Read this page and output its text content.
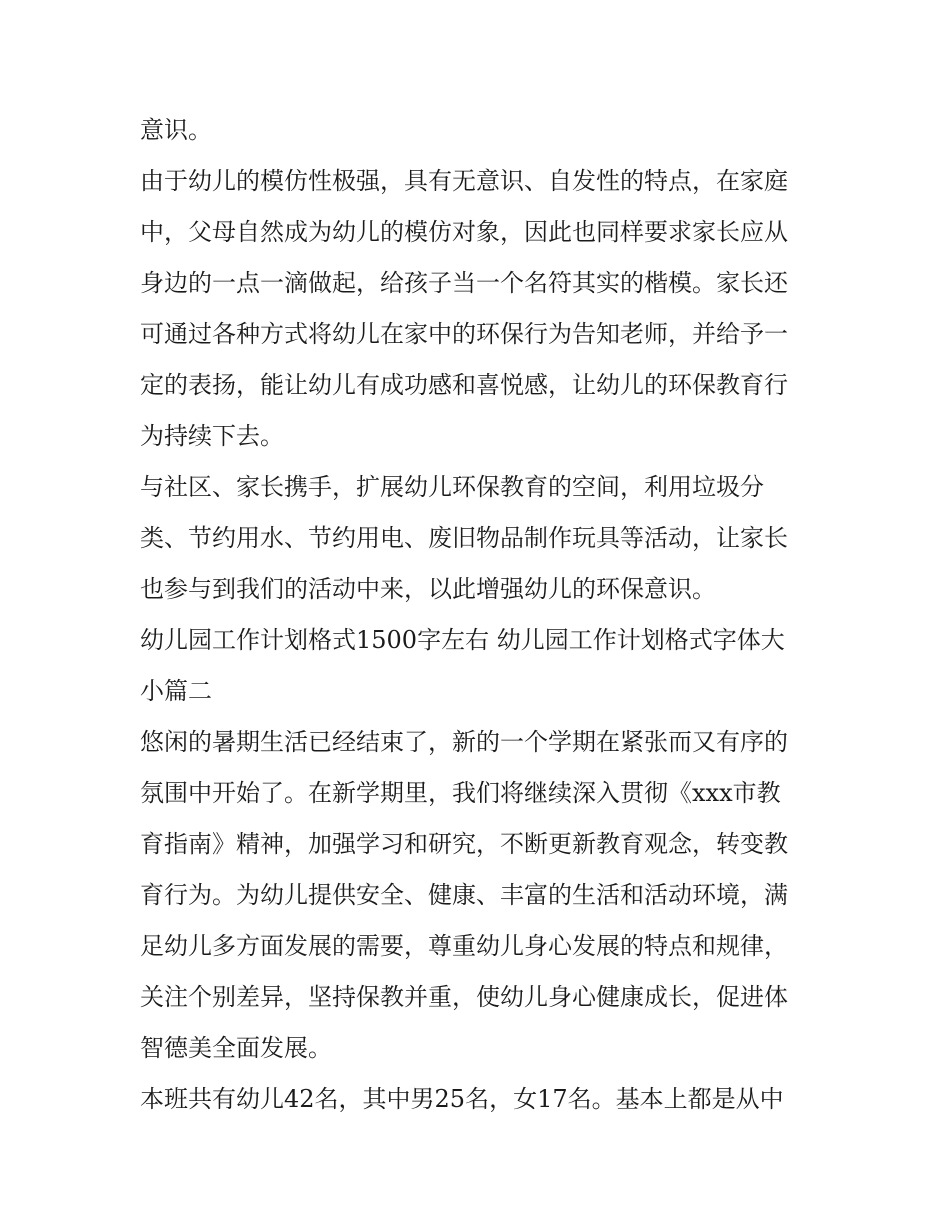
意识。
由于幼儿的模仿性极强，具有无意识、自发性的特点，在家庭
中，父母自然成为幼儿的模仿对象，因此也同样要求家长应从
身边的一点一滴做起，给孩子当一个名符其实的楷模。家长还
可通过各种方式将幼儿在家中的环保行为告知老师，并给予一
定的表扬，能让幼儿有成功感和喜悦感，让幼儿的环保教育行
为持续下去。
与社区、家长携手，扩展幼儿环保教育的空间，利用垃圾分
类、节约用水、节约用电、废旧物品制作玩具等活动，让家长
也参与到我们的活动中来，以此增强幼儿的环保意识。
幼儿园工作计划格式1500字左右 幼儿园工作计划格式字体大
小篇二
悠闲的暑期生活已经结束了，新的一个学期在紧张而又有序的
氛围中开始了。在新学期里，我们将继续深入贯彻《xxx市教
育指南》精神，加强学习和研究，不断更新教育观念，转变教
育行为。为幼儿提供安全、健康、丰富的生活和活动环境，满
足幼儿多方面发展的需要，尊重幼儿身心发展的特点和规律，
关注个别差异，坚持保教并重，使幼儿身心健康成长，促进体
智德美全面发展。
本班共有幼儿42名，其中男25名，女17名。基本上都是从中
